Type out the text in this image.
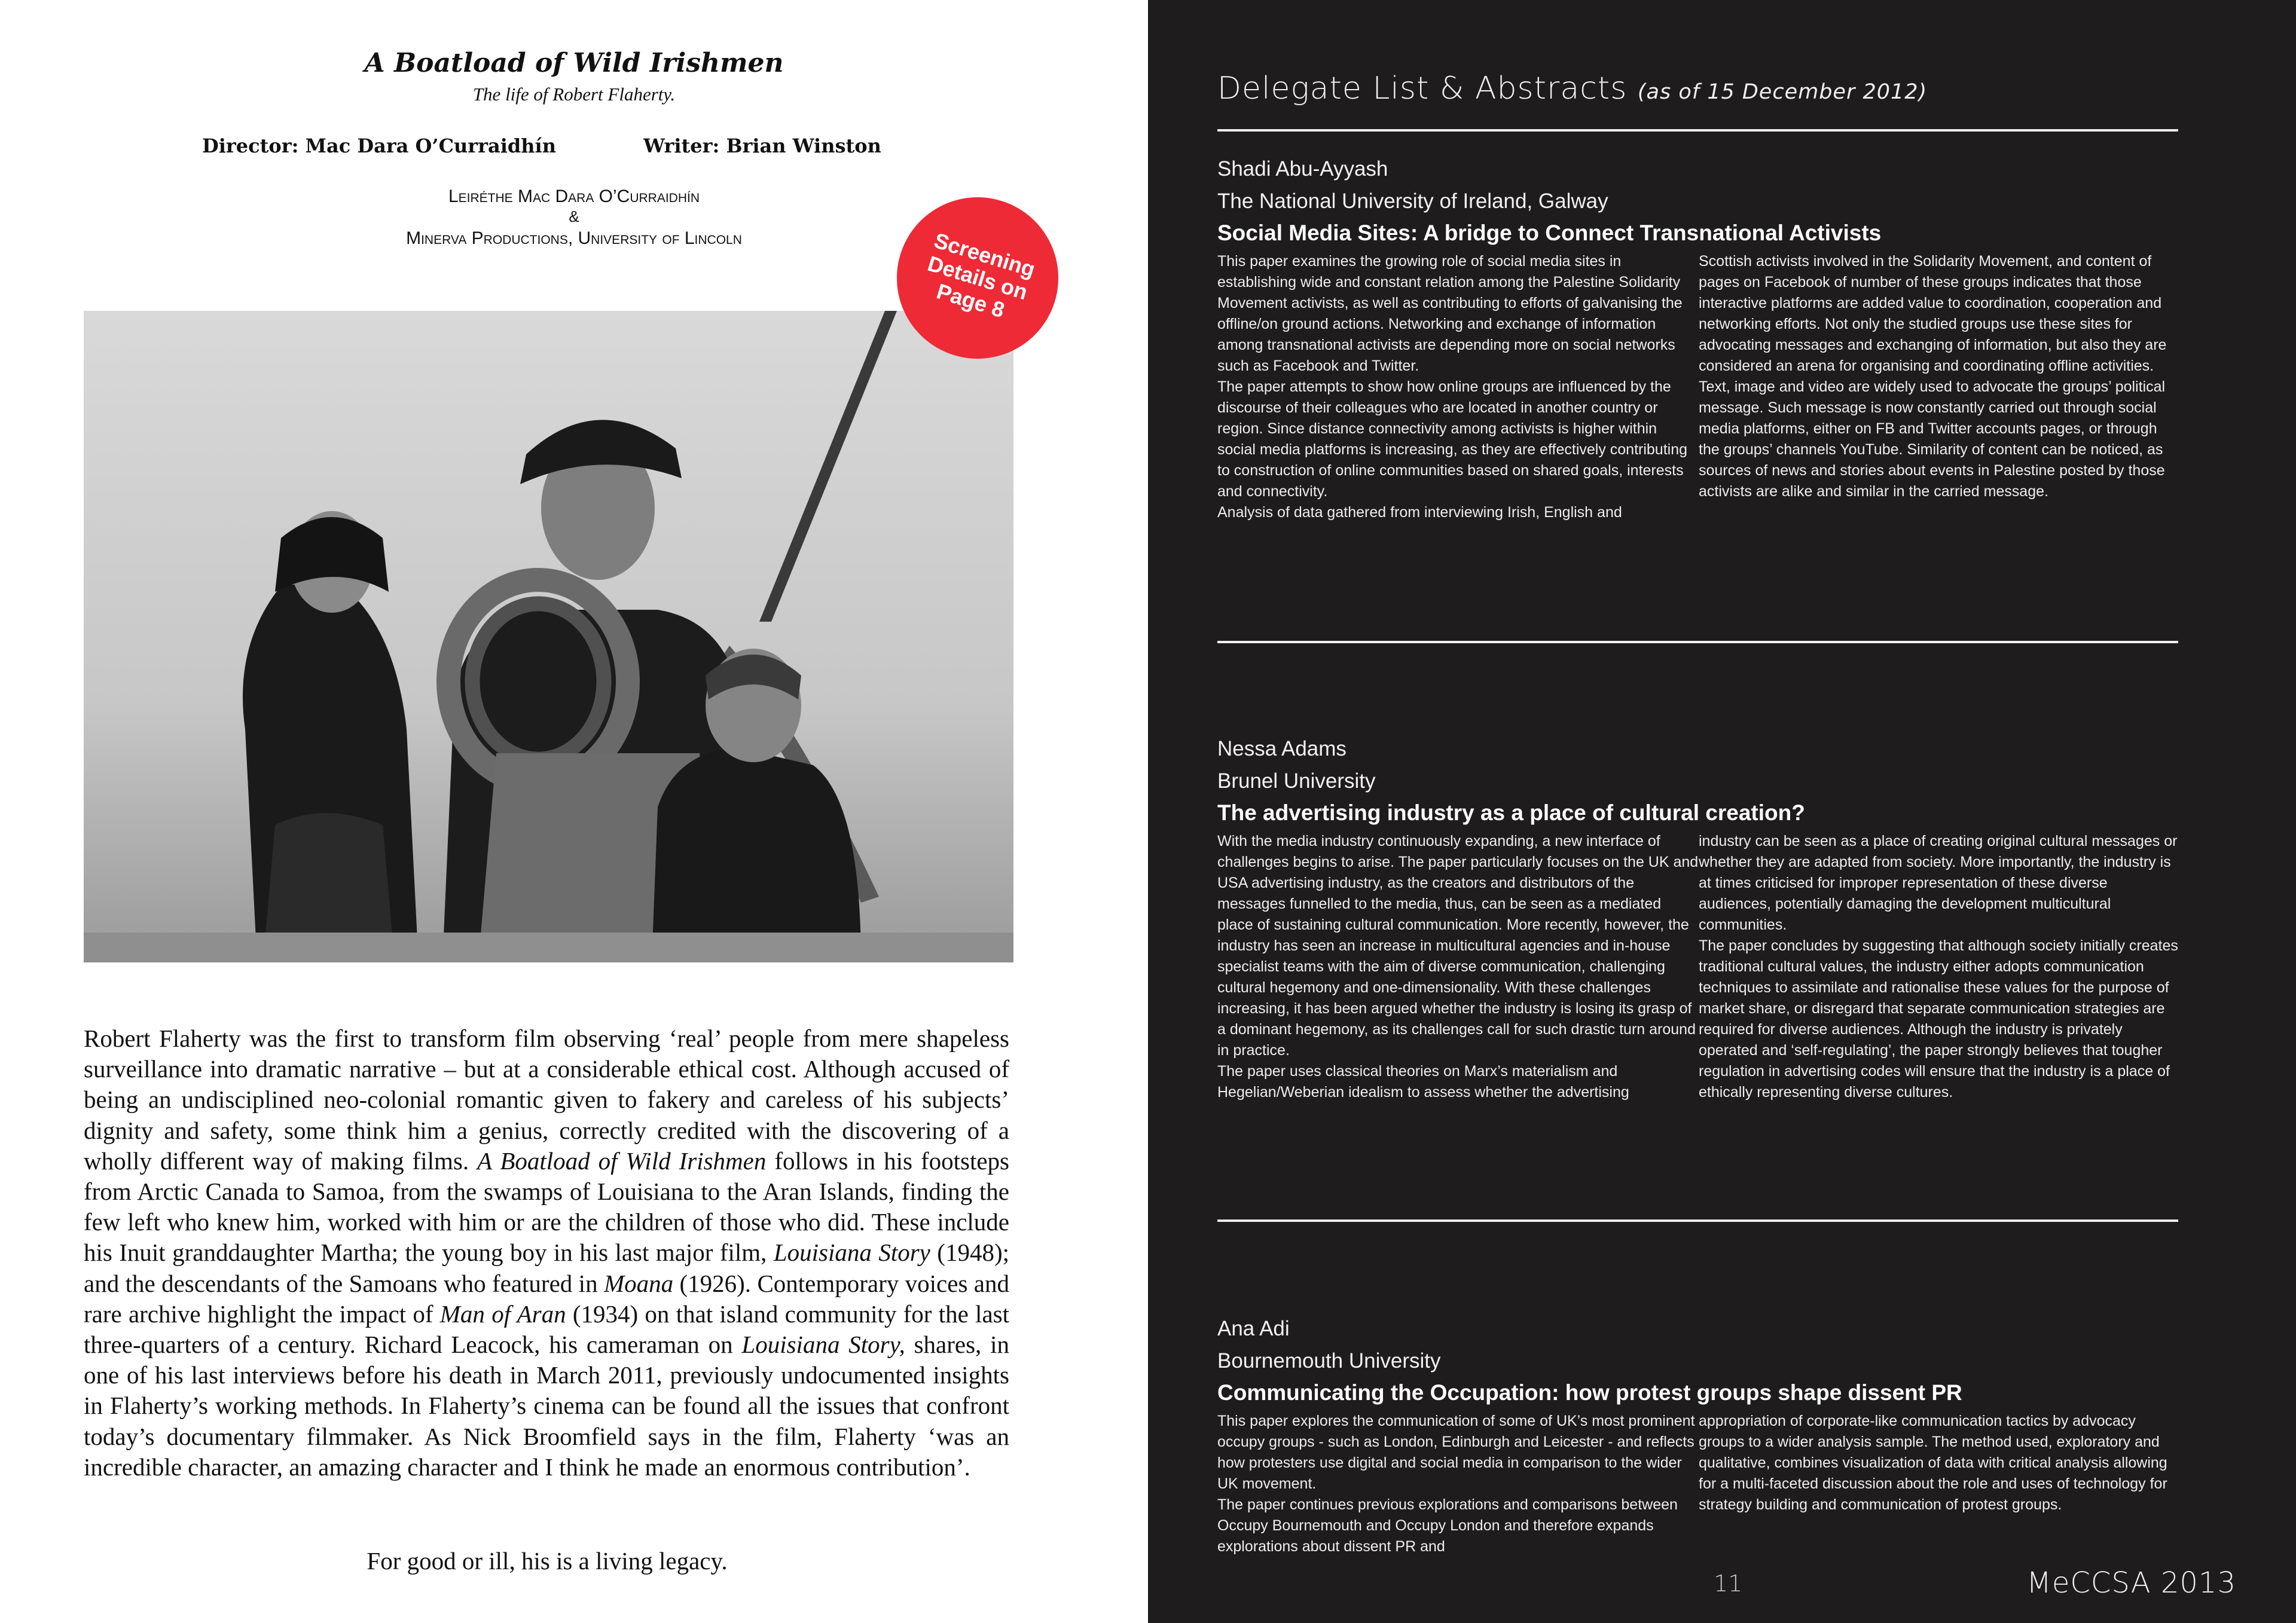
A Boatload of Wild Irishmen
The life of Robert Flaherty.
Director: Mac Dara O’Curraidhín	Writer: Brian Winston
Leiréthe Mac Dara O’Curraidhín
&
Minerva Productions, University of Lincoln	Screening Details on Page 8
Robert Flaherty was the first to transform film observing ‘real’ people from mere shapeless surveillance into dramatic narrative – but at a considerable ethical cost. Although accused of being an undisciplined neo-colonial romantic given to fakery and careless of his subjects’ dignity and safety, some think him a genius, correctly credited with the discovering of a wholly different way of making films. A Boatload of Wild Irishmen follows in his footsteps from Arctic Canada to Samoa, from the swamps of Louisiana to the Aran Islands, finding the few left who knew him, worked with him or are the children of those who did. These include his Inuit granddaughter Martha; the young boy in his last major film, Louisiana Story (1948); and the descendants of the Samoans who featured in Moana (1926). Contemporary voices and rare archive highlight the impact of Man of Aran (1934) on that island community for the last three-quarters of a century. Richard Leacock, his cameraman on Louisiana Story, shares, in one of his last interviews before his death in March 2011, previously undocumented insights in Flaherty’s working methods. In Flaherty’s cinema can be found all the issues that confront today’s documentary filmmaker. As Nick Broomfield says in the film, Flaherty ‘was an incredible character, an amazing character and I think he made an enormous contribution’.
For good or ill, his is a living legacy.
Delegate List & Abstracts (as of 15 December 2012)
Shadi Abu-Ayyash
The National University of Ireland, Galway
Social Media Sites: A bridge to Connect Transnational Activists

This paper examines the growing role of social media sites in establishing wide and constant relation among the Palestine Solidarity Movement activists, as well as contributing to efforts of galvanising the offline/on ground actions. Networking and exchange of information among transnational activists are depending more on social networks such as Facebook and Twitter.

The paper attempts to show how online groups are influenced by the discourse of their colleagues who are located in another country or region. Since distance connectivity among activists is higher within social media platforms is increasing, as they are effectively contributing to construction of online communities based on shared goals, interests and connectivity.

Analysis of data gathered from interviewing Irish, English and

Scottish activists involved in the Solidarity Movement, and content of pages on Facebook of number of these groups indicates that those interactive platforms are added value to coordination, cooperation and networking efforts. Not only the studied groups use these sites for advocating messages and exchanging of information, but also they are considered an arena for organising and coordinating offline activities.

Text, image and video are widely used to advocate the groups’ political message. Such message is now constantly carried out through social media platforms, either on FB and Twitter accounts pages, or through the groups’ channels YouTube. Similarity of content can be noticed, as sources of news and stories about events in Palestine posted by those activists are alike and similar in the carried message.

Nessa Adams
Brunel University
The advertising industry as a place of cultural creation?

With the media industry continuously expanding, a new interface of challenges begins to arise. The paper particularly focuses on the UK and USA advertising industry, as the creators and distributors of the messages funnelled to the media, thus, can be seen as a mediated place of sustaining cultural communication. More recently, however, the industry has seen an increase in multicultural agencies and in-house specialist teams with the aim of diverse communication, challenging cultural hegemony and one-dimensionality. With these challenges increasing, it has been argued whether the industry is losing its grasp of a dominant hegemony, as its challenges call for such drastic turn around in practice.

The paper uses classical theories on Marx’s materialism and Hegelian/Weberian idealism to assess whether the advertising

industry can be seen as a place of creating original cultural messages or whether they are adapted from society. More importantly, the industry is at times criticised for improper representation of these diverse audiences, potentially damaging the development multicultural communities.

The paper concludes by suggesting that although society initially creates traditional cultural values, the industry either adopts communication techniques to assimilate and rationalise these values for the purpose of market share, or disregard that separate communication strategies are required for diverse audiences. Although the industry is privately operated and ‘self-regulating’, the paper strongly believes that tougher regulation in advertising codes will ensure that the industry is a place of ethically representing diverse cultures.

Ana Adi
Bournemouth University
Communicating the Occupation: how protest groups shape dissent PR

This paper explores the communication of some of UK’s most prominent occupy groups - such as London, Edinburgh and Leicester - and reflects how protesters use digital and social media in comparison to the wider UK movement.

The paper continues previous explorations and comparisons between Occupy Bournemouth and Occupy London and therefore expands explorations about dissent PR and

appropriation of corporate-like communication tactics by advocacy groups to a wider analysis sample. The method used, exploratory and qualitative, combines visualization of data with critical analysis allowing for a multi-faceted discussion about the role and uses of technology for strategy building and communication of protest groups.

11	MeCCSA 2013
